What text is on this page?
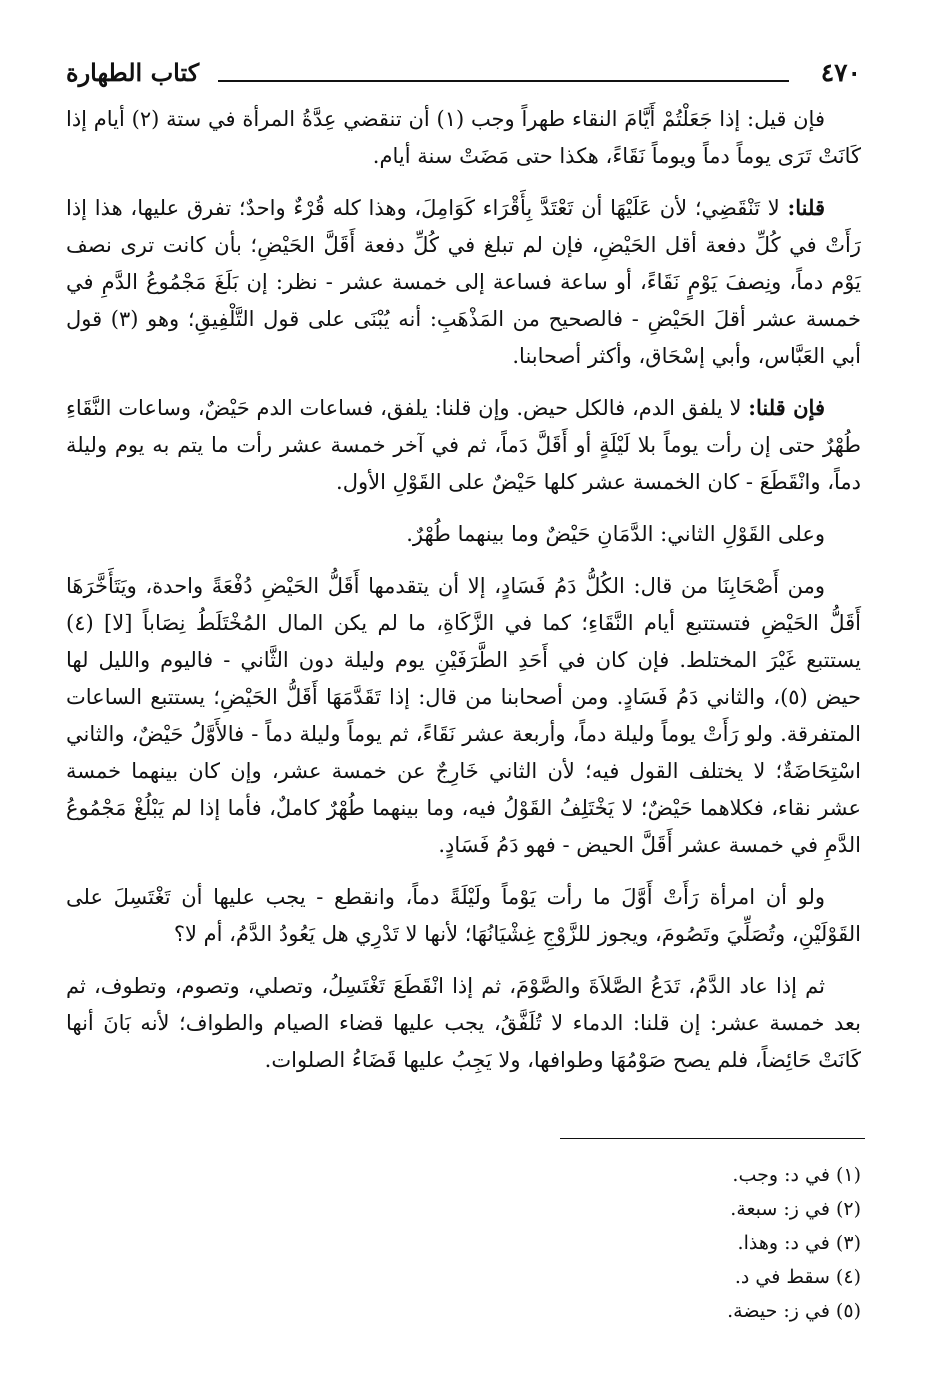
٤٧٠
كتاب الطهارة

فإن قيل: إذا جَعَلْتُمْ أَيَّامَ النقاء طهراً وجب (١) أن تنقضي عِدَّةُ المرأة في ستة (٢) أيام إذا كَانَتْ تَرَى يوماً دماً ويوماً نَقَاءً، هكذا حتى مَضَتْ سنة أيام.

قلنا: لا تَنْقَضِي؛ لأن عَلَيْهَا أن تَعْتَدَّ بِأَقْرَاء كَوَامِلَ، وهذا كله قُرْءٌ واحدٌ؛ تفرق عليها، هذا إذا رَأَتْ في كُلِّ دفعة أقل الحَيْضِ، فإن لم تبلغ في كُلِّ دفعة أَقَلَّ الحَيْضِ؛ بأن كانت ترى نصف يَوْم دماً، ونِصفَ يَوْمٍ نَقَاءً، أو ساعة فساعة إلى خمسة عشر - نظر: إن بَلَغَ مَجْمُوعُ الدَّمِ في خمسة عشر أقلَ الحَيْضِ - فالصحيح من المَذْهَبِ: أنه يُبْنَى على قول التَّلْفِيقِ؛ وهو (٣) قول أبي العَبَّاس، وأبي إسْحَاق، وأكثر أصحابنا.

فإن قلنا: لا يلفق الدم، فالكل حيض. وإن قلنا: يلفق، فساعات الدم حَيْضٌ، وساعات النَّقَاءِ طُهْرٌ حتى إن رأت يوماً بلا لَيْلَةٍ أو أَقَلَّ دَماً، ثم في آخر خمسة عشر رأت ما يتم به يوم وليلة دماً، وانْقَطَعَ - كان الخمسة عشر كلها حَيْضٌ على القَوْلِ الأول.

وعلى القَوْلِ الثاني: الدَّمَانِ حَيْضٌ وما بينهما طُهْرٌ.

ومن أَصْحَابِنَا من قال: الكُلُّ دَمُ فَسَادٍ، إلا أن يتقدمها أَقَلُّ الحَيْضِ دُفْعَةً واحدة، ويَتَأَخَّرَهَا أَقَلُّ الحَيْضِ فتستتبع أيام النَّقَاءِ؛ كما في الزَّكَاةِ، ما لم يكن المال المُخْتَلَطُ نِصَاباً [لا] (٤) يستتبع غَيْرَ المختلط. فإن كان في أَحَدِ الطَّرَفَيْنِ يوم وليلة دون الثَّاني - فاليوم والليل لها حيض (٥)، والثاني دَمُ فَسَادٍ. ومن أصحابنا من قال: إذا تَقَدَّمَهَا أَقَلُّ الحَيْضِ؛ يستتبع الساعات المتفرقة. ولو رَأَتْ يوماً وليلة دماً، وأربعة عشر نَقَاءً، ثم يوماً وليلة دماً - فالأَوَّلُ حَيْضٌ، والثاني اسْتِحَاضَةٌ؛ لا يختلف القول فيه؛ لأن الثاني خَارِجٌ عن خمسة عشر، وإن كان بينهما خمسة عشر نقاء، فكلاهما حَيْضٌ؛ لا يَخْتَلِفُ القَوْلُ فيه، وما بينهما طُهْرٌ كاملٌ، فأما إذا لم يَبْلُغْ مَجْمُوعُ الدَّمِ في خمسة عشر أَقَلَّ الحيض - فهو دَمُ فَسَادٍ.

ولو أن امرأة رَأَتْ أَوَّلَ ما رأت يَوْماً ولَيْلَةً دماً، وانقطع - يجب عليها أن تَغْتَسِلَ على القَوْلَيْنِ، وتُصَلِّيَ وتَصُومَ، ويجوز للزَّوْجِ غِشْيَانُهَا؛ لأنها لا تَدْرِي هل يَعُودُ الدَّمُ، أم لا؟

ثم إذا عاد الدَّمُ، تَدَعُ الصَّلاَةَ والصَّوْمَ، ثم إذا انْقَطَعَ تَغْتَسِلُ، وتصلي، وتصوم، وتطوف، ثم بعد خمسة عشر: إن قلنا: الدماء لا تُلَفَّقُ، يجب عليها قضاء الصيام والطواف؛ لأنه بَانَ أنها كَانَتْ حَائِضاً، فلم يصح صَوْمُهَا وطوافها، ولا يَجِبُ عليها قَضَاءُ الصلوات.

(١) في د: وجب.
(٢) في ز: سبعة.
(٣) في د: وهذا.
(٤) سقط في د.
(٥) في ز: حيضة.
